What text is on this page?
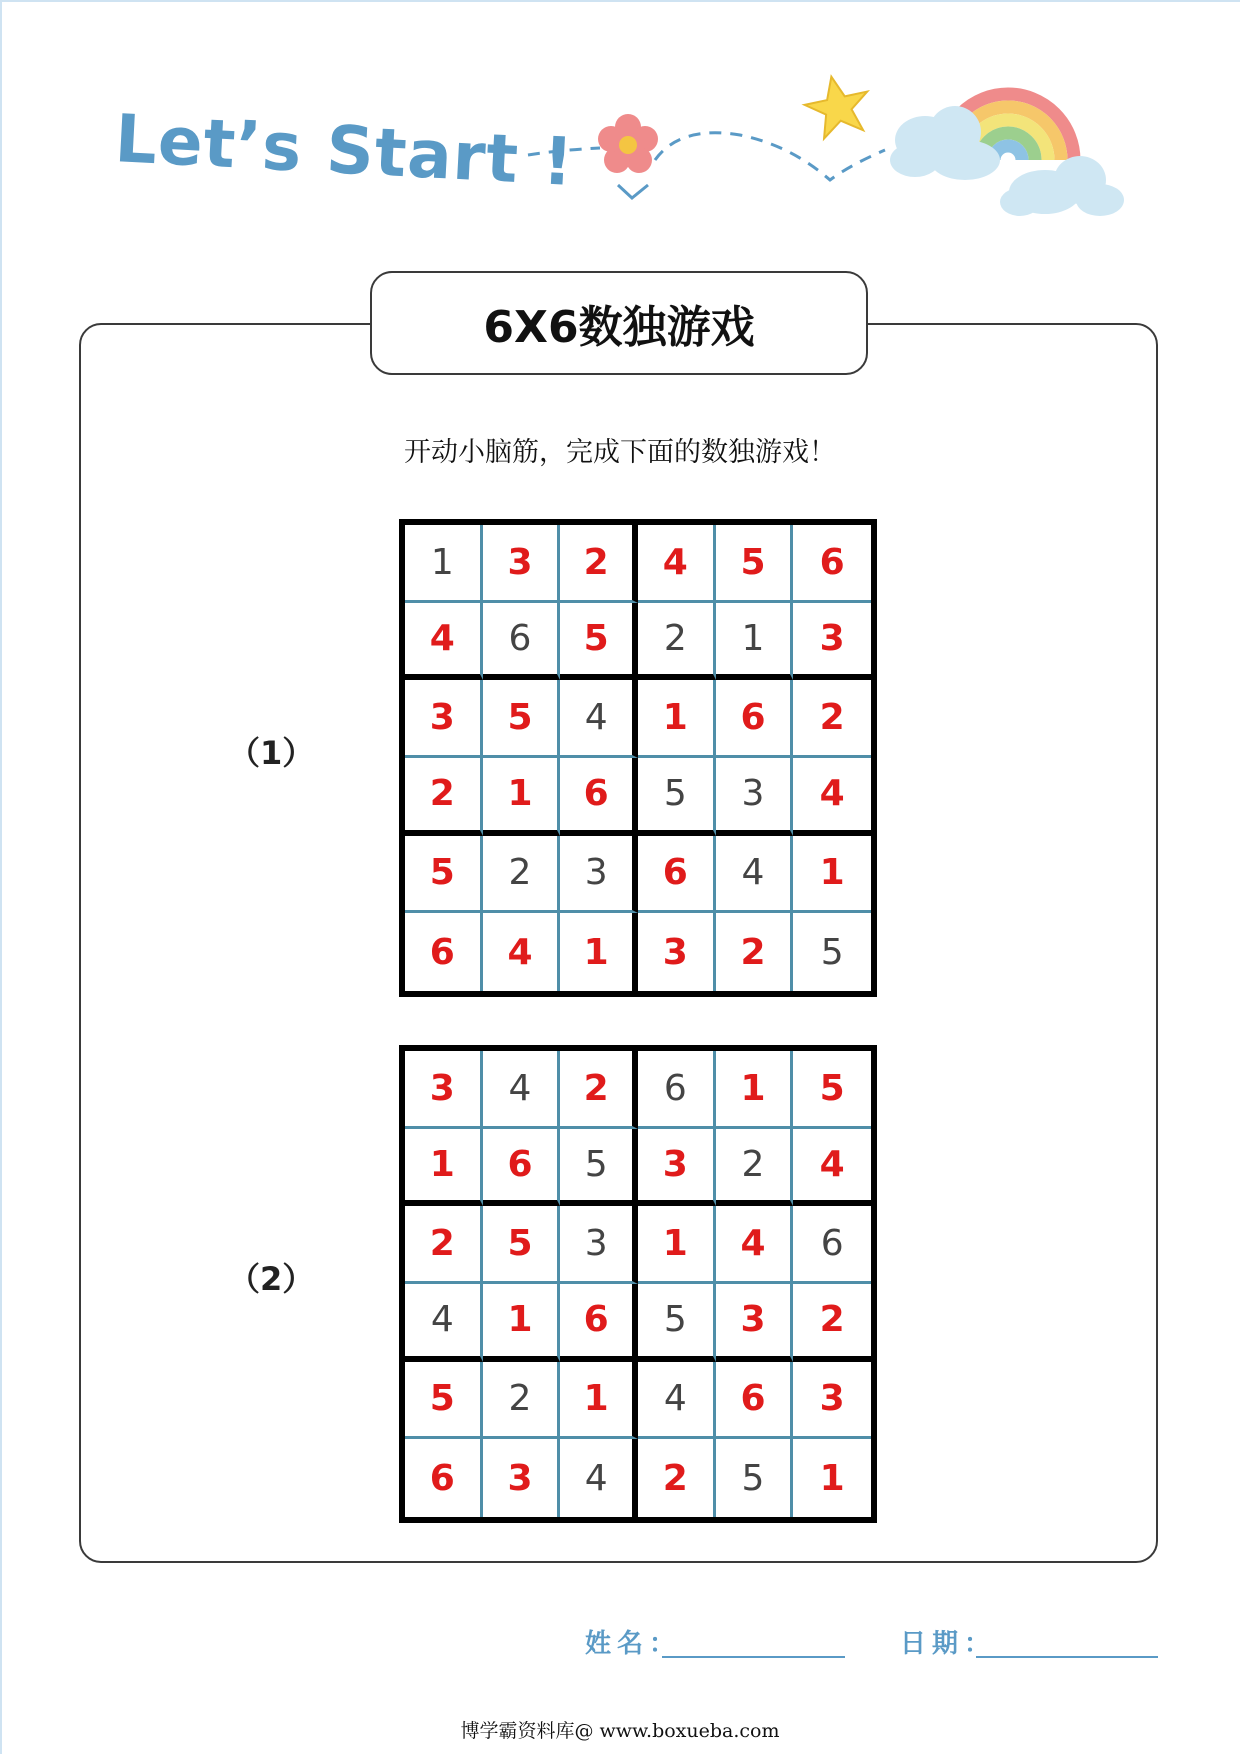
Let’s Start !
6X6数独游戏
开动小脑筋，完成下面的数独游戏！
（1）
1	3	2	4	5	6
4	6	5	2	1	3
3	5	4	1	6	2
2	1	6	5	3	4
5	2	3	6	4	1
6	4	1	3	2	5
（2）
3	4	2	6	1	5
1	6	5	3	2	4
2	5	3	1	4	6
4	1	6	5	3	2
5	2	1	4	6	3
6	3	4	2	5	1
姓名：	日期：
博学霸资料库@ www.boxueba.com
